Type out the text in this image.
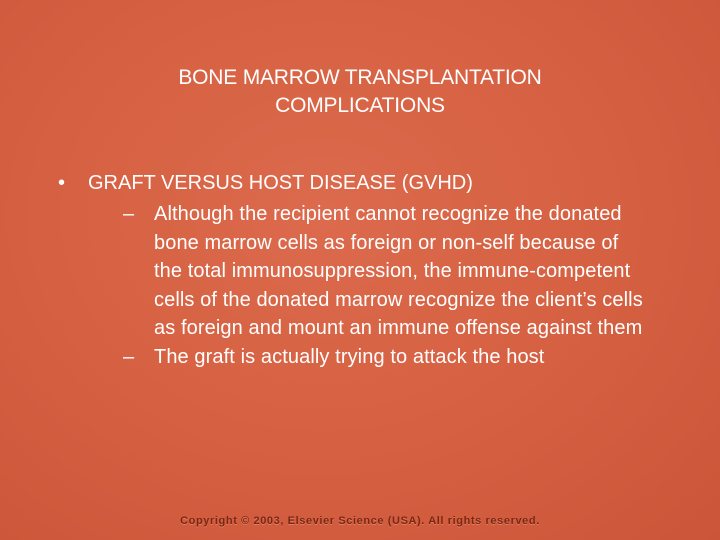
BONE MARROW TRANSPLANTATION
COMPLICATIONS
•	GRAFT VERSUS HOST DISEASE (GVHD)
– Although the recipient cannot recognize the donated bone marrow cells as foreign or non-self because of the total immunosuppression, the immune-competent cells of the donated marrow recognize the client’s cells as foreign and mount an immune offense against them
– The graft is actually trying to attack the host
Copyright © 2003, Elsevier Science (USA). All rights reserved.
